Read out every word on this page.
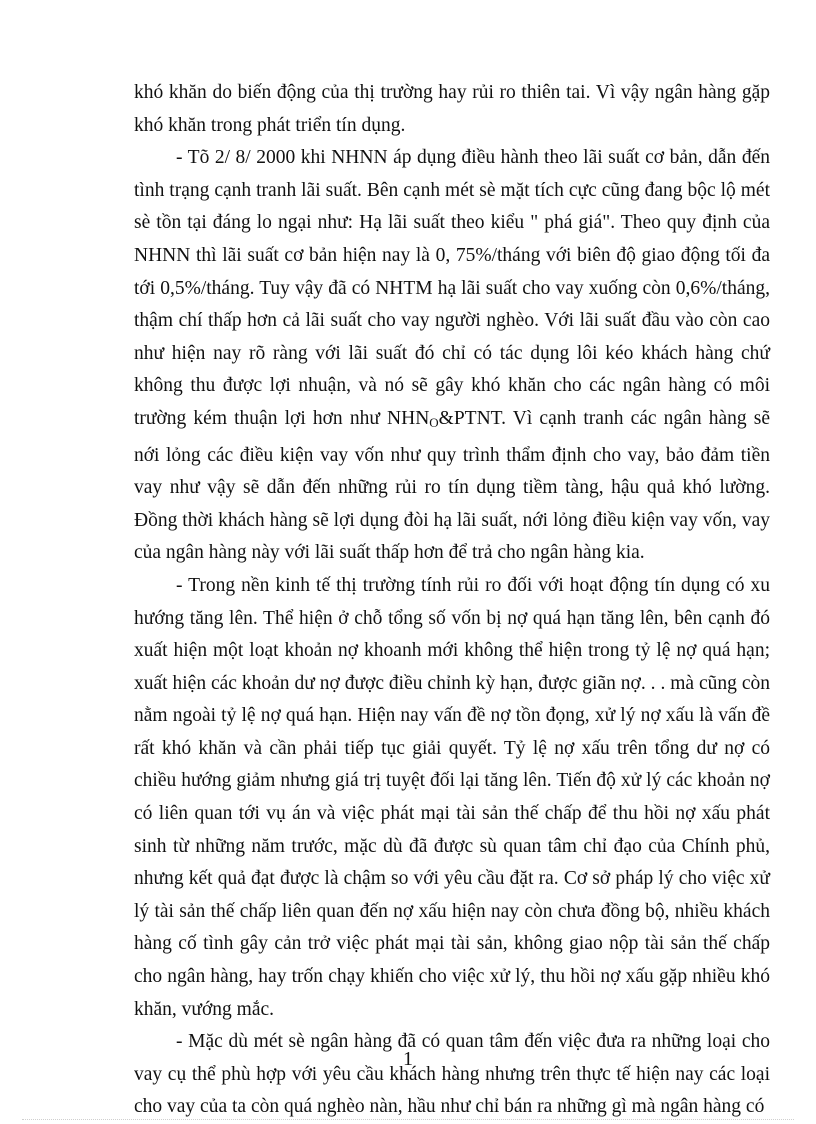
khó khăn do biến động của thị trường hay rủi ro thiên tai. Vì vậy ngân hàng gặp khó khăn trong phát triển tín dụng.

- Tõ 2/ 8/ 2000 khi NHNN áp dụng điều hành theo lãi suất cơ bản, dẫn đến tình trạng cạnh tranh lãi suất. Bên cạnh mét sè mặt tích cực cũng đang bộc lộ mét sè tồn tại đáng lo ngại như: Hạ lãi suất theo kiểu " phá giá". Theo quy định của NHNN thì lãi suất cơ bản hiện nay là 0, 75%/tháng với biên độ giao động tối đa tới 0,5%/tháng. Tuy vậy đã có NHTM hạ lãi suất cho vay xuống còn 0,6%/tháng, thậm chí thấp hơn cả lãi suất cho vay người nghèo. Với lãi suất đầu vào còn cao như hiện nay rõ ràng với lãi suất đó chỉ có tác dụng lôi kéo khách hàng chứ không thu được lợi nhuận, và nó sẽ gây khó khăn cho các ngân hàng có môi trường kém thuận lợi hơn như $NHN_O\&PTNT$. Vì cạnh tranh các ngân hàng sẽ nới lỏng các điều kiện vay vốn như quy trình thẩm định cho vay, bảo đảm tiền vay như vậy sẽ dẫn đến những rủi ro tín dụng tiềm tàng, hậu quả khó lường. Đồng thời khách hàng sẽ lợi dụng đòi hạ lãi suất, nới lỏng điều kiện vay vốn, vay của ngân hàng này với lãi suất thấp hơn để trả cho ngân hàng kia.

- Trong nền kinh tế thị trường tính rủi ro đối với hoạt động tín dụng có xu hướng tăng lên. Thể hiện ở chỗ tổng số vốn bị nợ quá hạn tăng lên, bên cạnh đó xuất hiện một loạt khoản nợ khoanh mới không thể hiện trong tỷ lệ nợ quá hạn; xuất hiện các khoản dư nợ được điều chỉnh kỳ hạn, được giãn nợ. . . mà cũng còn nằm ngoài tỷ lệ nợ quá hạn. Hiện nay vấn đề nợ tồn đọng, xử lý nợ xấu là vấn đề rất khó khăn và cần phải tiếp tục giải quyết. Tỷ lệ nợ xấu trên tổng dư nợ có chiều hướng giảm nhưng giá trị tuyệt đối lại tăng lên. Tiến độ xử lý các khoản nợ có liên quan tới vụ án và việc phát mại tài sản thế chấp để thu hồi nợ xấu phát sinh từ những năm trước, mặc dù đã được sù quan tâm chỉ đạo của Chính phủ, nhưng kết quả đạt được là chậm so với yêu cầu đặt ra. Cơ sở pháp lý cho việc xử lý tài sản thế chấp liên quan đến nợ xấu hiện nay còn chưa đồng bộ, nhiều khách hàng cố tình gây cản trở việc phát mại tài sản, không giao nộp tài sản thế chấp cho ngân hàng, hay trốn chạy khiến cho việc xử lý, thu hồi nợ xấu gặp nhiều khó khăn, vướng mắc.

- Mặc dù mét sè ngân hàng đã có quan tâm đến việc đưa ra những loại cho vay cụ thể phù hợp với yêu cầu khách hàng nhưng trên thực tế hiện nay các loại cho vay của ta còn quá nghèo nàn, hầu như chỉ bán ra những gì mà ngân hàng có

1
